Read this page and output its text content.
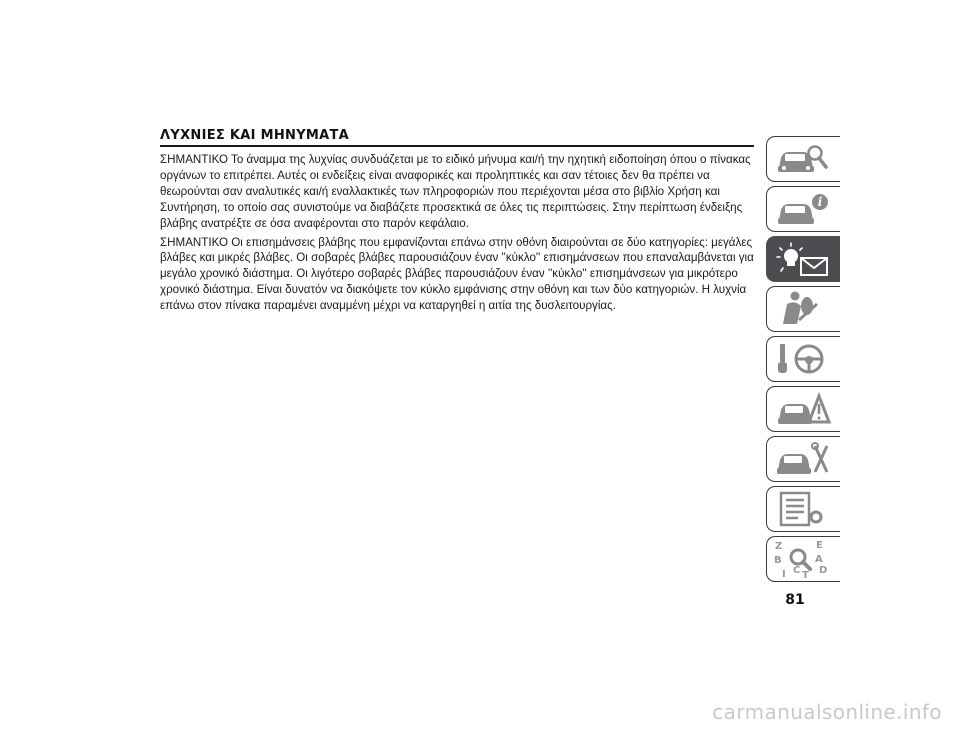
ΛΥΧΝΙΕΣ ΚΑΙ ΜΗΝΥΜΑΤΑ

ΣΗΜΑΝΤΙΚΟ Το άναμμα της λυχνίας συνδυάζεται με το ειδικό μήνυμα και/ή την ηχητική ειδοποίηση όπου ο πίνακας οργάνων το επιτρέπει. Αυτές οι ενδείξεις είναι αναφορικές και προληπτικές και σαν τέτοιες δεν θα πρέπει να θεωρούνται σαν αναλυτικές και/ή εναλλακτικές των πληροφοριών που περιέχονται μέσα στο βιβλίο Χρήση και Συντήρηση, το οποίο σας συνιστούμε να διαβάζετε προσεκτικά σε όλες τις περιπτώσεις. Στην περίπτωση ένδειξης βλάβης ανατρέξτε σε όσα αναφέρονται στο παρόν κεφάλαιο.

ΣΗΜΑΝΤΙΚΟ Οι επισημάνσεις βλάβης που εμφανίζονται επάνω στην οθόνη διαιρούνται σε δύο κατηγορίες: μεγάλες βλάβες και μικρές βλάβες. Οι σοβαρές βλάβες παρουσιάζουν έναν ''κύκλο'' επισημάνσεων που επαναλαμβάνεται για μεγάλο χρονικό διάστημα. Οι λιγότερο σοβαρές βλάβες παρουσιάζουν έναν ''κύκλο'' επισημάνσεων για μικρότερο χρονικό διάστημα. Είναι δυνατόν να διακόψετε τον κύκλο εμφάνισης στην οθόνη και των δύο κατηγοριών. Η λυχνία επάνω στον πίνακα παραμένει αναμμένη μέχρι να καταργηθεί η αιτία της δυσλειτουργίας.

i
Z	E
B	A
I C T D
81
carmanualsonline.info
